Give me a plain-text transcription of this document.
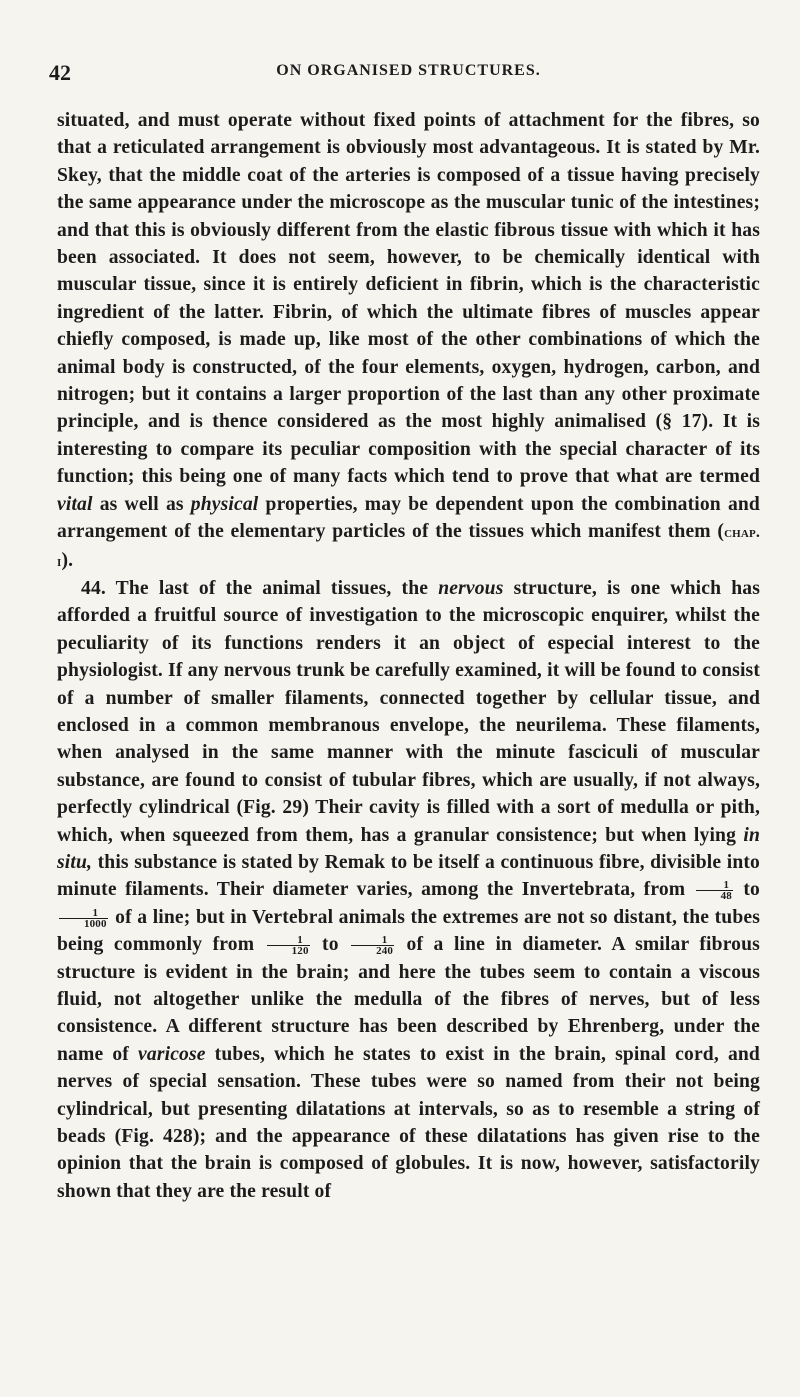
42	ON ORGANISED STRUCTURES.

situated, and must operate without fixed points of attachment for the fibres, so that a reticulated arrangement is obviously most advantageous. It is stated by Mr. Skey, that the middle coat of the arteries is composed of a tissue having precisely the same appearance under the microscope as the muscular tunic of the intestines; and that this is obviously different from the elastic fibrous tissue with which it has been associated. It does not seem, however, to be chemically identical with muscular tissue, since it is entirely deficient in fibrin, which is the characteristic ingredient of the latter. Fibrin, of which the ultimate fibres of muscles appear chiefly composed, is made up, like most of the other combinations of which the animal body is constructed, of the four elements, oxygen, hydrogen, carbon, and nitrogen; but it contains a larger proportion of the last than any other proximate principle, and is thence considered as the most highly animalised (§ 17). It is interesting to compare its peculiar composition with the special character of its function; this being one of many facts which tend to prove that what are termed vital as well as physical properties, may be dependent upon the combination and arrangement of the elementary particles of the tissues which manifest them (chap. i).

44. The last of the animal tissues, the nervous structure, is one which has afforded a fruitful source of investigation to the microscopic enquirer, whilst the peculiarity of its functions renders it an object of especial interest to the physiologist. If any nervous trunk be carefully examined, it will be found to consist of a number of smaller filaments, connected together by cellular tissue, and enclosed in a common membranous envelope, the neurilema. These filaments, when analysed in the same manner with the minute fasciculi of muscular substance, are found to consist of tubular fibres, which are usually, if not always, perfectly cylindrical (Fig. 29) Their cavity is filled with a sort of medulla or pith, which, when squeezed from them, has a granular consistence; but when lying in situ, this substance is stated by Remak to be itself a continuous fibre, divisible into minute filaments. Their diameter varies, among the Invertebrata, from $\frac{1}{48}$ to
$\frac{1}{1000}$ of a line; but in Vertebral animals the extremes are not so distant, the tubes being commonly from $\frac{1}{120}$ to $\frac{1}{240}$ of a line in diameter. A smilar fibrous structure is evident in the brain; and here the tubes seem to contain a viscous fluid, not altogether unlike the medulla of the fibres of nerves, but of less consistence. A different structure has been described by Ehrenberg, under the name of varicose tubes, which he states to exist in the brain, spinal cord, and nerves of special sensation. These tubes were so named from their not being cylindrical, but presenting dilatations at intervals, so as to resemble a string of beads (Fig. 428); and the appearance of these dilatations has given rise to the opinion that the brain is composed of globules. It is now, however, satisfactorily shown that they are the result of
